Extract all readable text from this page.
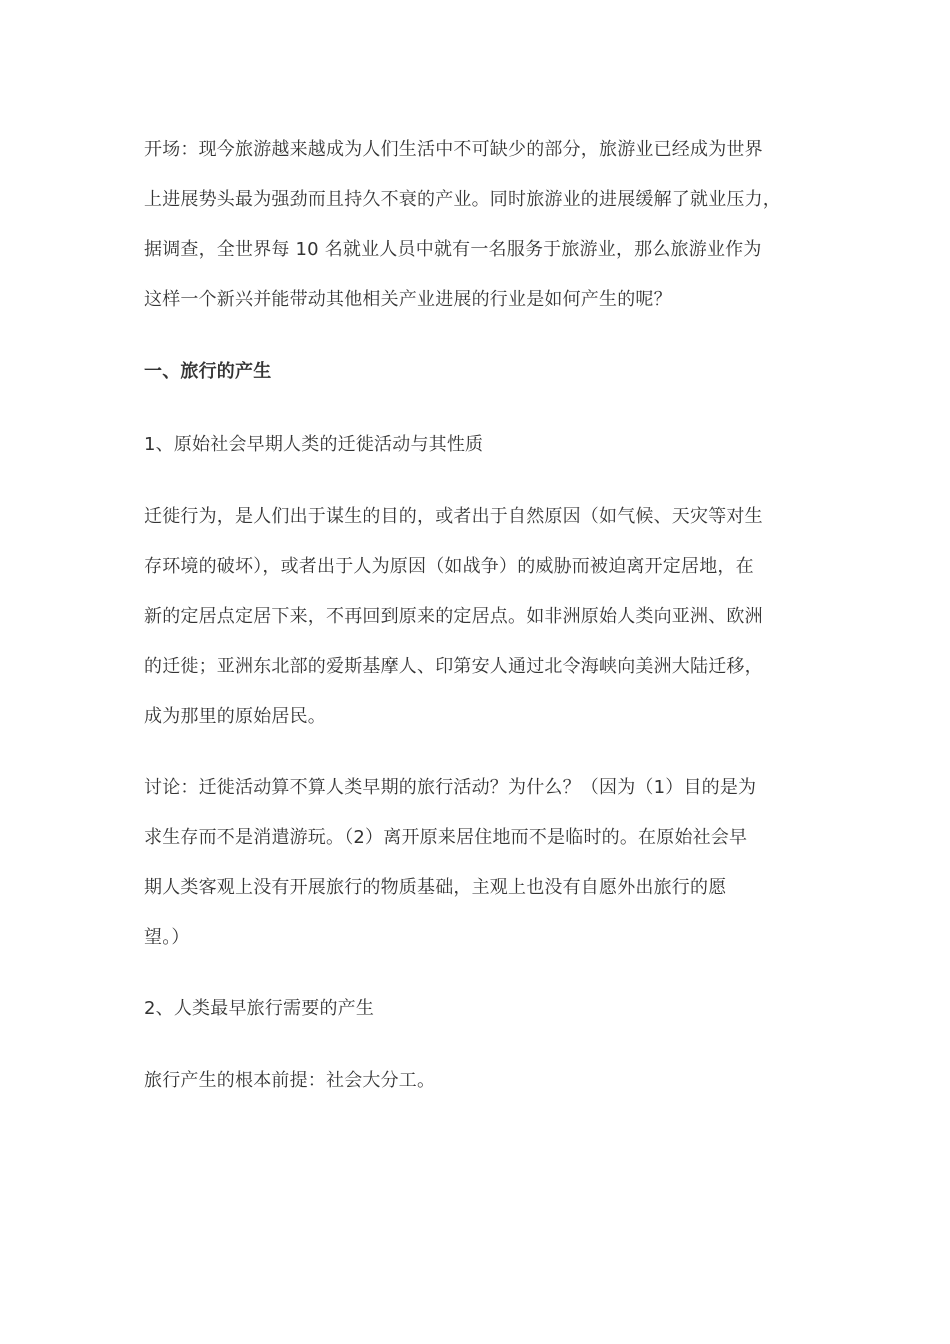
开场：现今旅游越来越成为人们生活中不可缺少的部分，旅游业已经成为世界
上进展势头最为强劲而且持久不衰的产业。同时旅游业的进展缓解了就业压力，
据调查，全世界每 10 名就业人员中就有一名服务于旅游业，那么旅游业作为
这样一个新兴并能带动其他相关产业进展的行业是如何产生的呢？
一、旅行的产生
1、原始社会早期人类的迁徙活动与其性质
迁徙行为，是人们出于谋生的目的，或者出于自然原因（如气候、天灾等对生
存环境的破坏），或者出于人为原因（如战争）的威胁而被迫离开定居地，在
新的定居点定居下来，不再回到原来的定居点。如非洲原始人类向亚洲、欧洲
的迁徙；亚洲东北部的爱斯基摩人、印第安人通过北令海峡向美洲大陆迁移，
成为那里的原始居民。
讨论：迁徙活动算不算人类早期的旅行活动？为什么？（因为（1）目的是为
求生存而不是消遣游玩。（2）离开原来居住地而不是临时的。在原始社会早
期人类客观上没有开展旅行的物质基础，主观上也没有自愿外出旅行的愿
望。）
2、人类最早旅行需要的产生
旅行产生的根本前提：社会大分工。
